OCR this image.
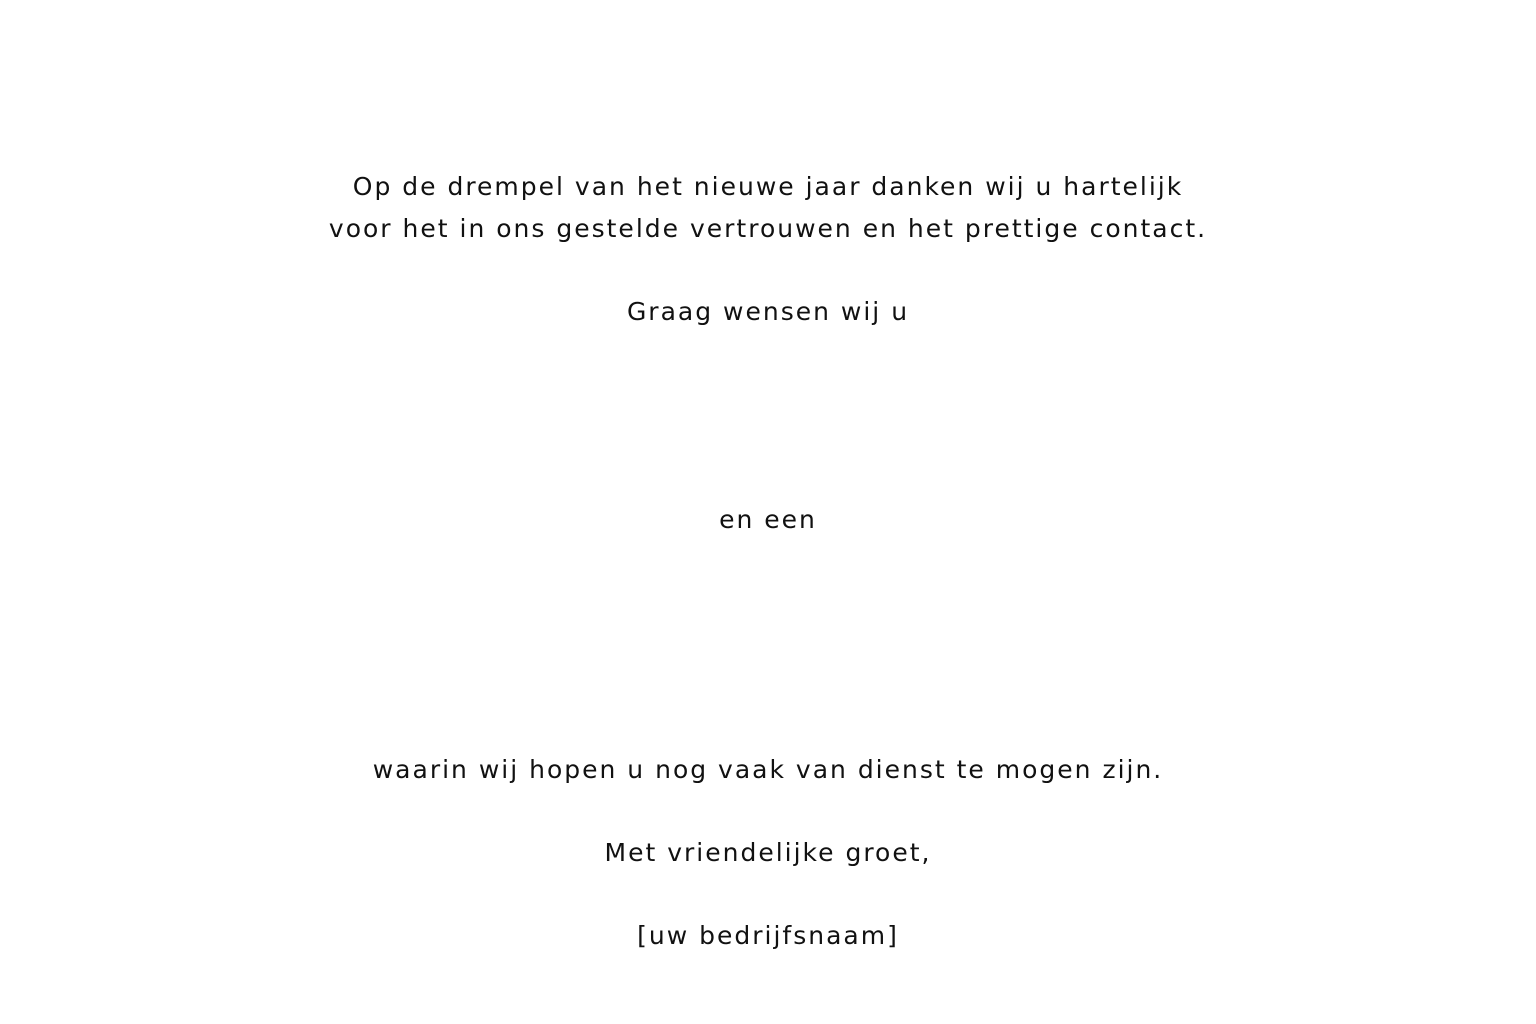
Op de drempel van het nieuwe jaar danken wij u hartelijk
voor het in ons gestelde vertrouwen en het prettige contact.
Graag wensen wij u
en een
waarin wij hopen u nog vaak van dienst te mogen zijn.
Met vriendelijke groet,
[uw bedrijfsnaam]
